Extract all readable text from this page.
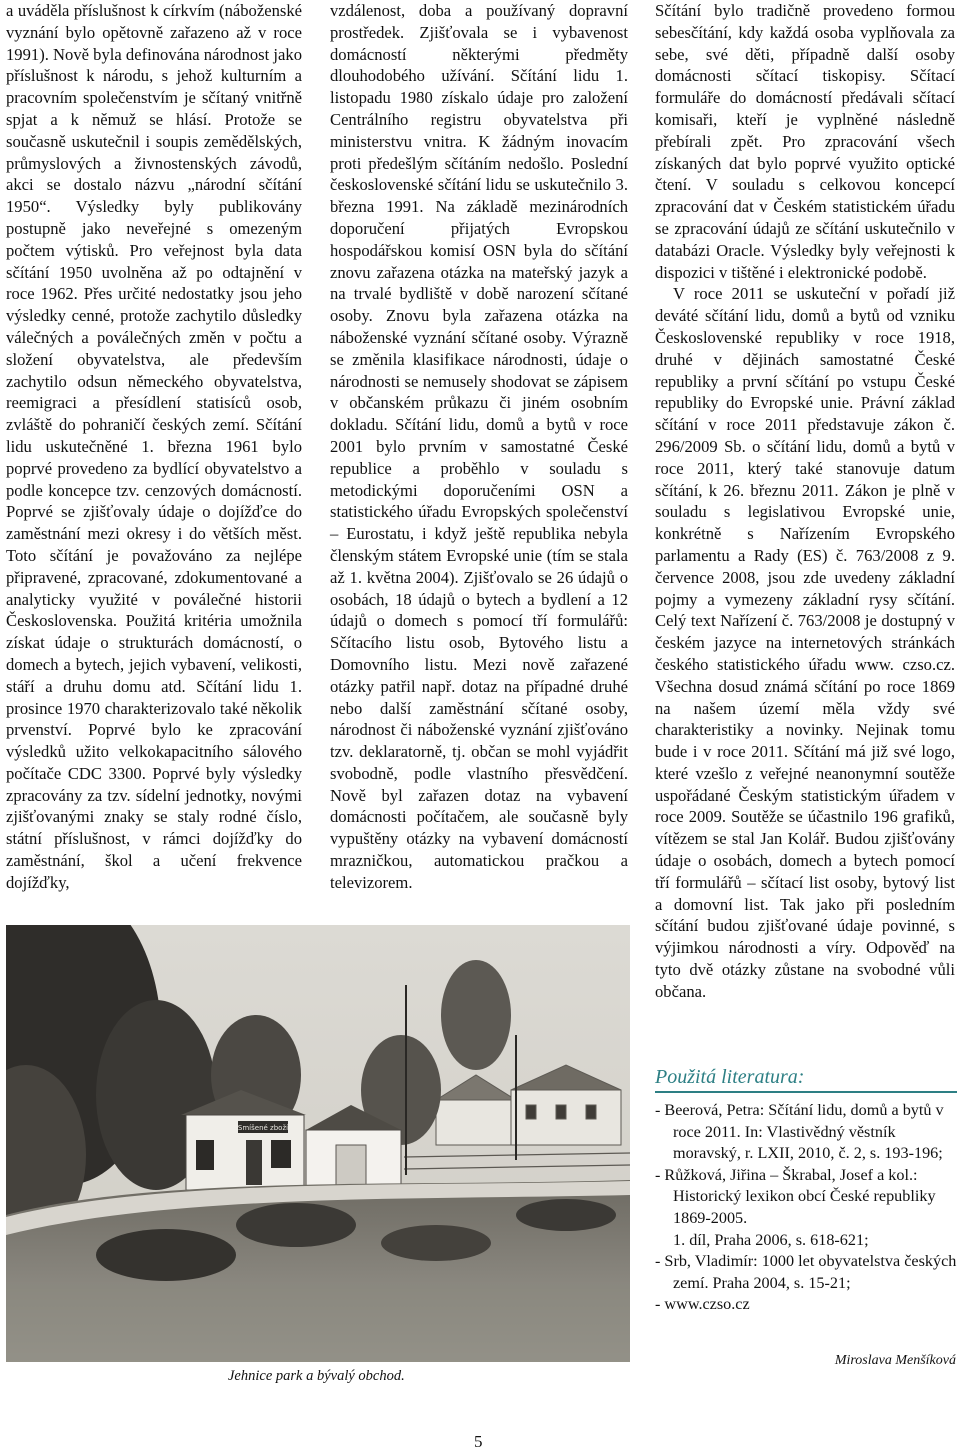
a uváděla příslušnost k církvím (náboženské vyznání bylo opětovně zařazeno až v roce 1991). Nově byla definována národnost jako příslušnost k národu, s jehož kulturním a pracovním společenstvím je sčítaný vnitřně spjat a k němuž se hlásí. Protože se současně uskutečnil i soupis zemědělských, průmyslových a živnostenských závodů, akci se dostalo názvu „národní sčítání 1950“. Výsledky byly publikovány postupně jako neveřejné s omezeným počtem výtisků. Pro veřejnost byla data sčítání 1950 uvolněna až po odtajnění v roce 1962. Přes určité nedostatky jsou jeho výsledky cenné, protože zachytilo důsledky válečných a poválečných změn v počtu a složení obyvatelstva, ale především zachytilo odsun německého obyvatelstva, reemigraci a přesídlení statisíců osob, zvláště do pohraničí českých zemí. Sčítání lidu uskutečněné 1. března 1961 bylo poprvé provedeno za bydlící obyvatelstvo a podle koncepce tzv. cenzových domácností. Poprvé se zjišťovaly údaje o dojížďce do zaměstnání mezi okresy i do větších měst. Toto sčítání je považováno za nejlépe připravené, zpracované, zdokumentované a analyticky využité v poválečné historii Československa. Použitá kritéria umožnila získat údaje o strukturách domácností, o domech a bytech, jejich vybavení, velikosti, stáří a druhu domu atd. Sčítání lidu 1. prosince 1970 charakterizovalo také několik prvenství. Poprvé bylo ke zpracování výsledků užito velkokapacitního sálového počítače CDC 3300. Poprvé byly výsledky zpracovány za tzv. sídelní jednotky, novými zjišťovanými znaky se staly rodné číslo, státní příslušnost, v rámci dojížďky do zaměstnání, škol a učení frekvence dojížďky,

vzdálenost, doba a používaný dopravní prostředek. Zjišťovala se i vybavenost domácností některými předměty dlouhodobého užívání. Sčítání lidu 1. listopadu 1980 získalo údaje pro založení Centrálního registru obyvatelstva při ministerstvu vnitra. K žádným inovacím proti předešlým sčítáním nedošlo. Poslední československé sčítání lidu se uskutečnilo 3. března 1991. Na základě mezinárodních doporučení přijatých Evropskou hospodářskou komisí OSN byla do sčítání znovu zařazena otázka na mateřský jazyk a na trvalé bydliště v době narození sčítané osoby. Znovu byla zařazena otázka na náboženské vyznání sčítané osoby. Výrazně se změnila klasifikace národnosti, údaje o národnosti se nemusely shodovat se zápisem v občanském průkazu či jiném osobním dokladu. Sčítání lidu, domů a bytů v roce 2001 bylo prvním v samostatné České republice a proběhlo v souladu s metodickými doporučeními OSN a statistického úřadu Evropských společenství – Eurostatu, i když ještě republika nebyla členským státem Evropské unie (tím se stala až 1. května 2004). Zjišťovalo se 26 údajů o osobách, 18 údajů o bytech a bydlení a 12 údajů o domech s pomocí tří formulářů: Sčítacího listu osob, Bytového listu a Domovního listu. Mezi nově zařazené otázky patřil např. dotaz na případné druhé nebo další zaměstnání sčítané osoby, národnost či náboženské vyznání zjišťováno tzv. deklaratorně, tj. občan se mohl vyjádřit svobodně, podle vlastního přesvědčení. Nově byl zařazen dotaz na vybavení domácnosti počítačem, ale současně byly vypuštěny otázky na vybavení domácností mrazničkou, automatickou pračkou a televizorem.

Sčítání bylo tradičně provedeno formou sebesčítání, kdy každá osoba vyplňovala za sebe, své děti, případně další osoby domácnosti sčítací tiskopisy. Sčítací formuláře do domácností předávali sčítací komisaři, kteří je vyplněné následně přebírali zpět. Pro zpracování všech získaných dat bylo poprvé využito optické čtení. V souladu s celkovou koncepcí zpracování dat v Českém statistickém úřadu se zpracování údajů ze sčítání uskutečnilo v databázi Oracle. Výsledky byly veřejnosti k dispozici v tištěné i elektronické podobě.

V roce 2011 se uskuteční v pořadí již deváté sčítání lidu, domů a bytů od vzniku Československé republiky v roce 1918, druhé v dějinách samostatné České republiky a první sčítání po vstupu České republiky do Evropské unie. Právní základ sčítání v roce 2011 představuje zákon č. 296/2009 Sb. o sčítání lidu, domů a bytů v roce 2011, který také stanovuje datum sčítání, k 26. březnu 2011. Zákon je plně v souladu s legislativou Evropské unie, konkrétně s Nařízením Evropského parlamentu a Rady (ES) č. 763/2008 z 9. července 2008, jsou zde uvedeny základní pojmy a vymezeny základní rysy sčítání. Celý text Nařízení č. 763/2008 je dostupný v českém jazyce na internetových stránkách českého statistického úřadu www. czso.cz. Všechna dosud známá sčítání po roce 1869 na našem území měla vždy své charakteristiky a novinky. Nejinak tomu bude i v roce 2011. Sčítání má již své logo, které vzešlo z veřejné neanonymní soutěže uspořádané Českým statistickým úřadem v roce 2009. Soutěže se účastnilo 196 grafiků, vítězem se stal Jan Kolář. Budou zjišťovány údaje o osobách, domech a bytech pomocí tří formulářů – sčítací list osoby, bytový list a domovní list. Tak jako při posledním sčítání budou zjišťované údaje povinné, s výjimkou národnosti a víry. Odpověď na tyto dvě otázky zůstane na svobodné vůli občana.

Smíšené zboží
Jehnice park a bývalý obchod.
Použitá literatura:
- Beerová, Petra: Sčítání lidu, domů a bytů v roce 2011. In: Vlastivědný věstník moravský, r. LXII, 2010, č. 2, s. 193-196;
- Růžková, Jiřina – Škrabal, Josef a kol.: Historický lexikon obcí České republiky 1869-2005.
1. díl, Praha 2006, s. 618-621;
- Srb, Vladimír: 1000 let obyvatelstva českých zemí. Praha 2004, s. 15-21;
- www.czso.cz
Miroslava Menšíková
5
